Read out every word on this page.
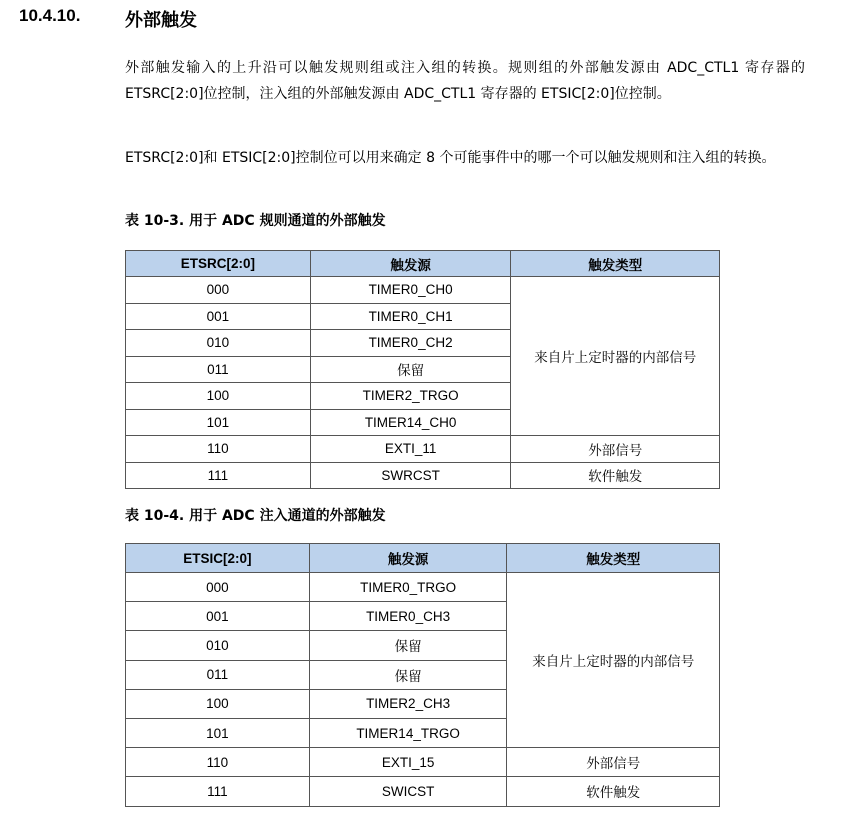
10.4.10. 外部触发

外部触发输入的上升沿可以触发规则组或注入组的转换。规则组的外部触发源由 ADC_CTL1 寄存器的 ETSRC[2:0]位控制，注入组的外部触发源由 ADC_CTL1 寄存器的 ETSIC[2:0]位控制。

ETSRC[2:0]和 ETSIC[2:0]控制位可以用来确定 8 个可能事件中的哪一个可以触发规则和注入组的转换。

表 10-3. 用于 ADC 规则通道的外部触发
ETSRC[2:0]	触发源	触发类型
000	TIMER0_CH0	来自片上定时器的内部信号
001	TIMER0_CH1	
010	TIMER0_CH2	
011	保留	
100	TIMER2_TRGO	
101	TIMER14_CH0	
110	EXTI_11	外部信号
111	SWRCST	软件触发
表 10-4. 用于 ADC 注入通道的外部触发
ETSIC[2:0]	触发源	触发类型
000	TIMER0_TRGO	来自片上定时器的内部信号
001	TIMER0_CH3	
010	保留	
011	保留	
100	TIMER2_CH3	
101	TIMER14_TRGO	
110	EXTI_15	外部信号
111	SWICST	软件触发
